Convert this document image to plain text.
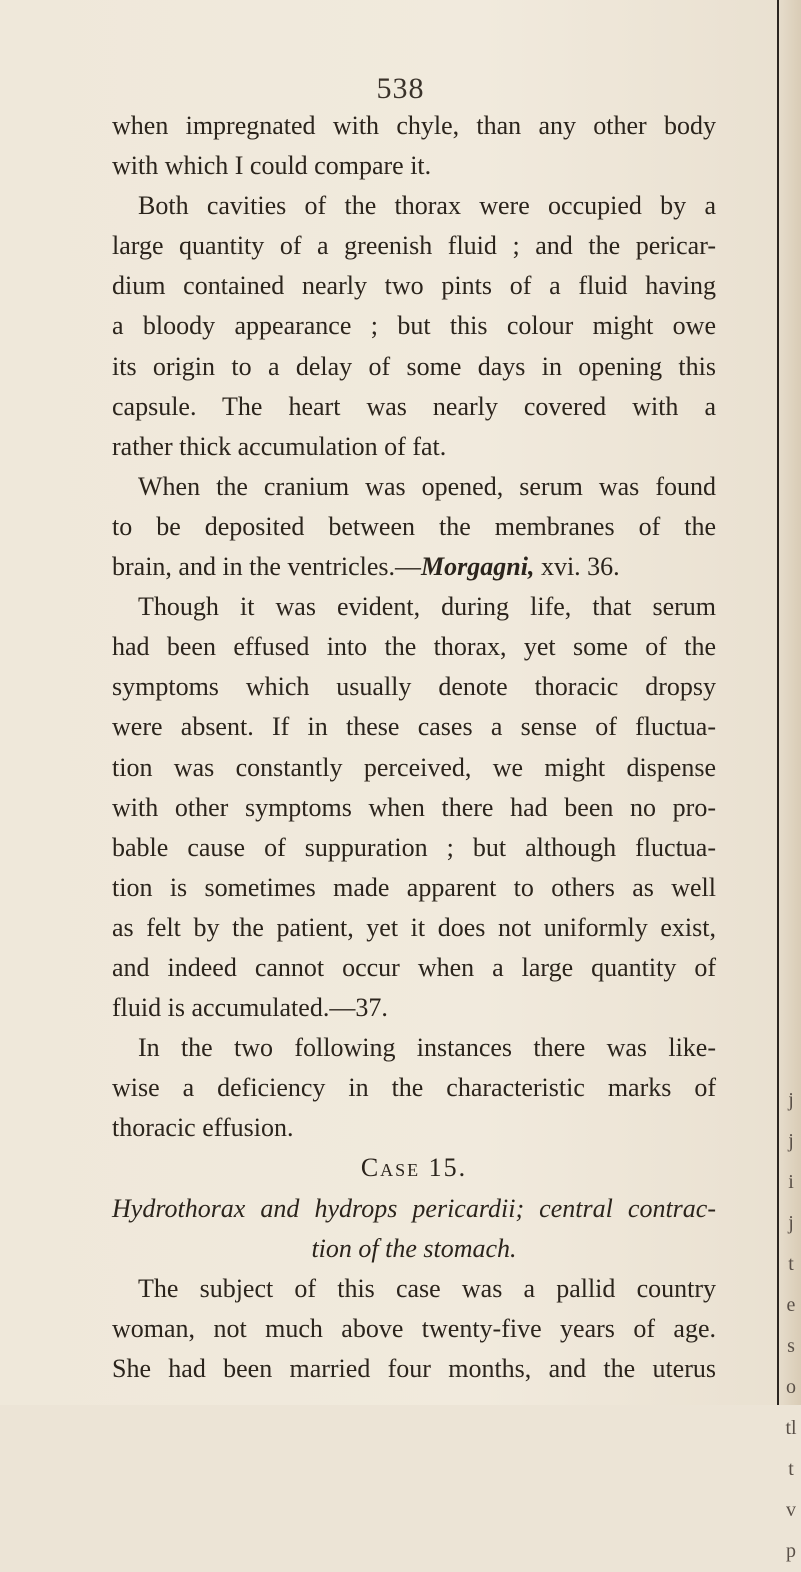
538
when impregnated with chyle, than any other body
with which I could compare it.
Both cavities of the thorax were occupied by a
large quantity of a greenish fluid ; and the pericar-
dium contained nearly two pints of a fluid having
a bloody appearance ; but this colour might owe
its origin to a delay of some days in opening this
capsule. The heart was nearly covered with a
rather thick accumulation of fat.
When the cranium was opened, serum was found
to be deposited between the membranes of the
brain, and in the ventricles.—Morgagni, xvi. 36.
Though it was evident, during life, that serum
had been effused into the thorax, yet some of the
symptoms which usually denote thoracic dropsy
were absent. If in these cases a sense of fluctua-
tion was constantly perceived, we might dispense
with other symptoms when there had been no pro-
bable cause of suppuration ; but although fluctua-
tion is sometimes made apparent to others as well
as felt by the patient, yet it does not uniformly exist,
and indeed cannot occur when a large quantity of
fluid is accumulated.—37.
In the two following instances there was like-
wise a deficiency in the characteristic marks of
thoracic effusion.
Case 15.
Hydrothorax and hydrops pericardii; central contrac-
tion of the stomach.
The subject of this case was a pallid country
woman, not much above twenty-five years of age.
She had been married four months, and the uterus
j
j
i
j
t
e
s
o
tl
t
v
p
